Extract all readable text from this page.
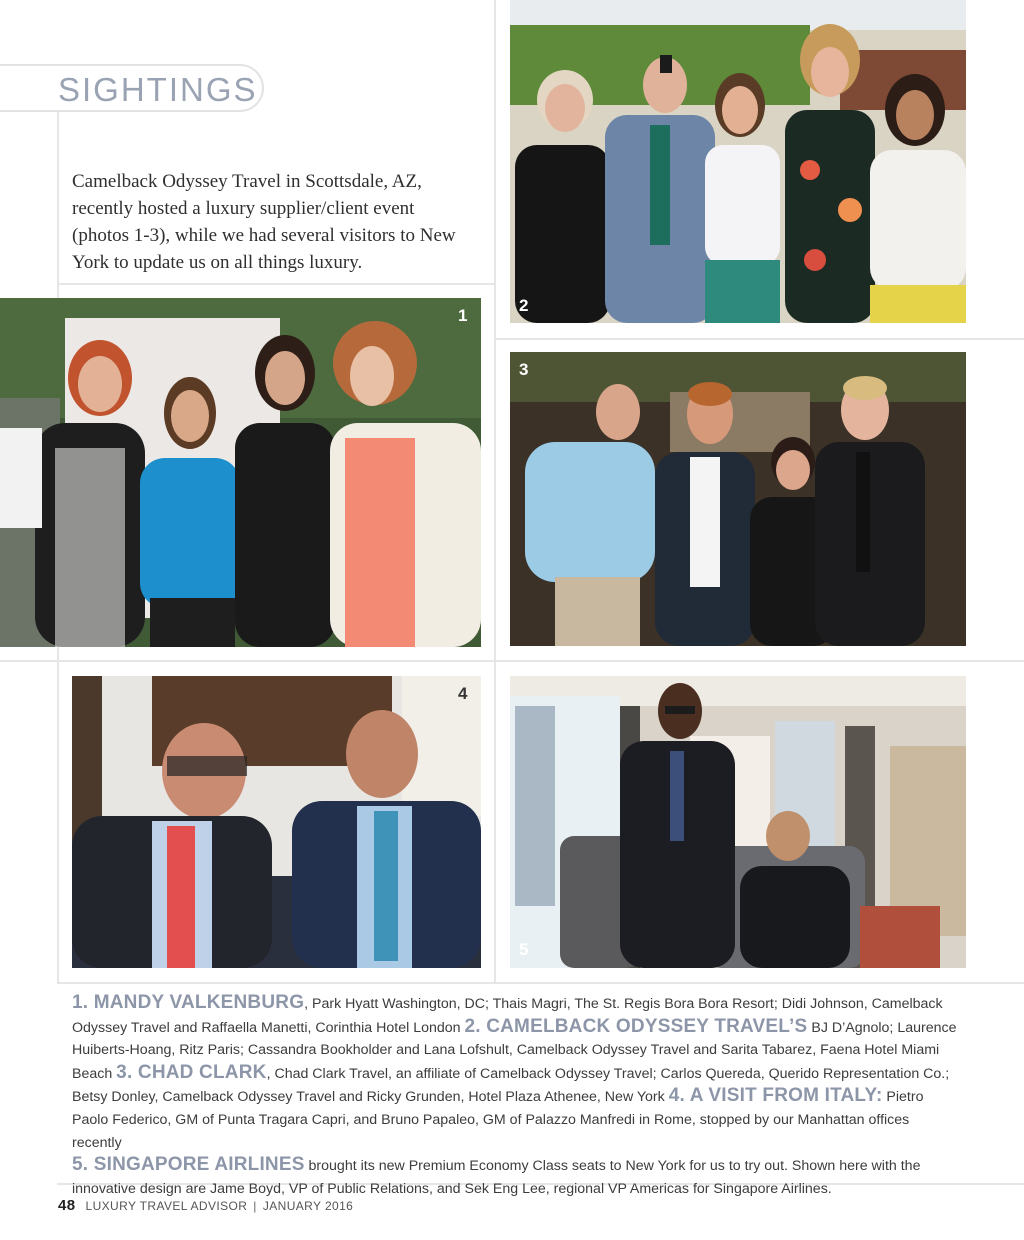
SIGHTINGS
Camelback Odyssey Travel in Scottsdale, AZ, recently hosted a luxury supplier/client event (photos 1-3), while we had several visitors to New York to update us on all things luxury.
1
2
3
4
5
1. MANDY VALKENBURG, Park Hyatt Washington, DC; Thais Magri, The St. Regis Bora Bora Resort; Didi Johnson, Camelback Odyssey Travel and Raffaella Manetti, Corinthia Hotel London 2. CAMELBACK ODYSSEY TRAVEL’S BJ D’Agnolo; Laurence Huiberts-Hoang, Ritz Paris; Cassandra Bookholder and Lana Lofshult, Camelback Odyssey Travel and Sarita Tabarez, Faena Hotel Miami Beach 3. CHAD CLARK, Chad Clark Travel, an affiliate of Camelback Odyssey Travel; Carlos Quereda, Querido Representation Co.; Betsy Donley, Camelback Odyssey Travel and Ricky Grunden, Hotel Plaza Athenee, New York 4. A VISIT FROM ITALY: Pietro Paolo Federico, GM of Punta Tragara Capri, and Bruno Papaleo, GM of Palazzo Manfredi in Rome, stopped by our Manhattan offices recently
5. SINGAPORE AIRLINES brought its new Premium Economy Class seats to New York for us to try out. Shown here with the innovative design are Jame Boyd, VP of Public Relations, and Sek Eng Lee, regional VP Americas for Singapore Airlines.
48 LUXURY TRAVEL ADVISOR | JANUARY 2016
